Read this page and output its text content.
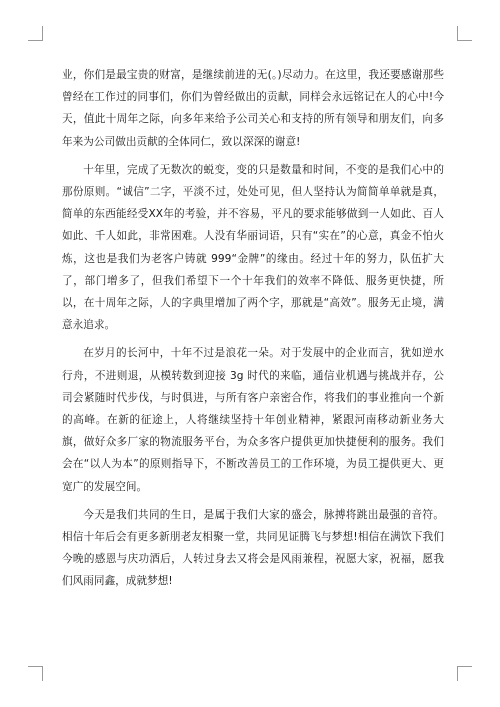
业，你们是最宝贵的财富，是继续前进的无(。)尽动力。在这里，我还要感谢那些曾经在工作过的同事们，你们为曾经做出的贡献，同样会永远铭记在人的心中!今天，值此十周年之际，向多年来给予公司关心和支持的所有领导和朋友们，向多年来为公司做出贡献的全体同仁，致以深深的谢意!

十年里，完成了无数次的蜕变，变的只是数量和时间，不变的是我们心中的那份原则。“诚信”二字，平淡不过，处处可见，但人坚持认为简简单单就是真，简单的东西能经受XX年的考验，并不容易，平凡的要求能够做到一人如此、百人如此、千人如此，非常困难。人没有华丽词语，只有“实在”的心意，真金不怕火炼，这也是我们为老客户铸就 999“金牌”的缘由。经过十年的努力，队伍扩大了，部门增多了，但我们希望下一个十年我们的效率不降低、服务更快捷，所以，在十周年之际，人的字典里增加了两个字，那就是“高效”。服务无止境，满意永追求。

在岁月的长河中，十年不过是浪花一朵。对于发展中的企业而言，犹如逆水行舟，不进则退，从模转数到迎接 3g 时代的来临，通信业机遇与挑战并存，公司会紧随时代步伐，与时俱进，与所有客户亲密合作，将我们的事业推向一个新的高峰。在新的征途上，人将继续坚持十年创业精神，紧跟河南移动新业务大旗，做好众多厂家的物流服务平台，为众多客户提供更加快捷便利的服务。我们会在“以人为本”的原则指导下，不断改善员工的工作环境，为员工提供更大、更宽广的发展空间。

今天是我们共同的生日，是属于我们大家的盛会，脉搏将跳出最强的音符。相信十年后会有更多新朋老友相聚一堂，共同见证腾飞与梦想!相信在满饮下我们今晚的感恩与庆功酒后，人转过身去又将会是风雨兼程，祝愿大家，祝福，愿我们风雨同鑫，成就梦想!
